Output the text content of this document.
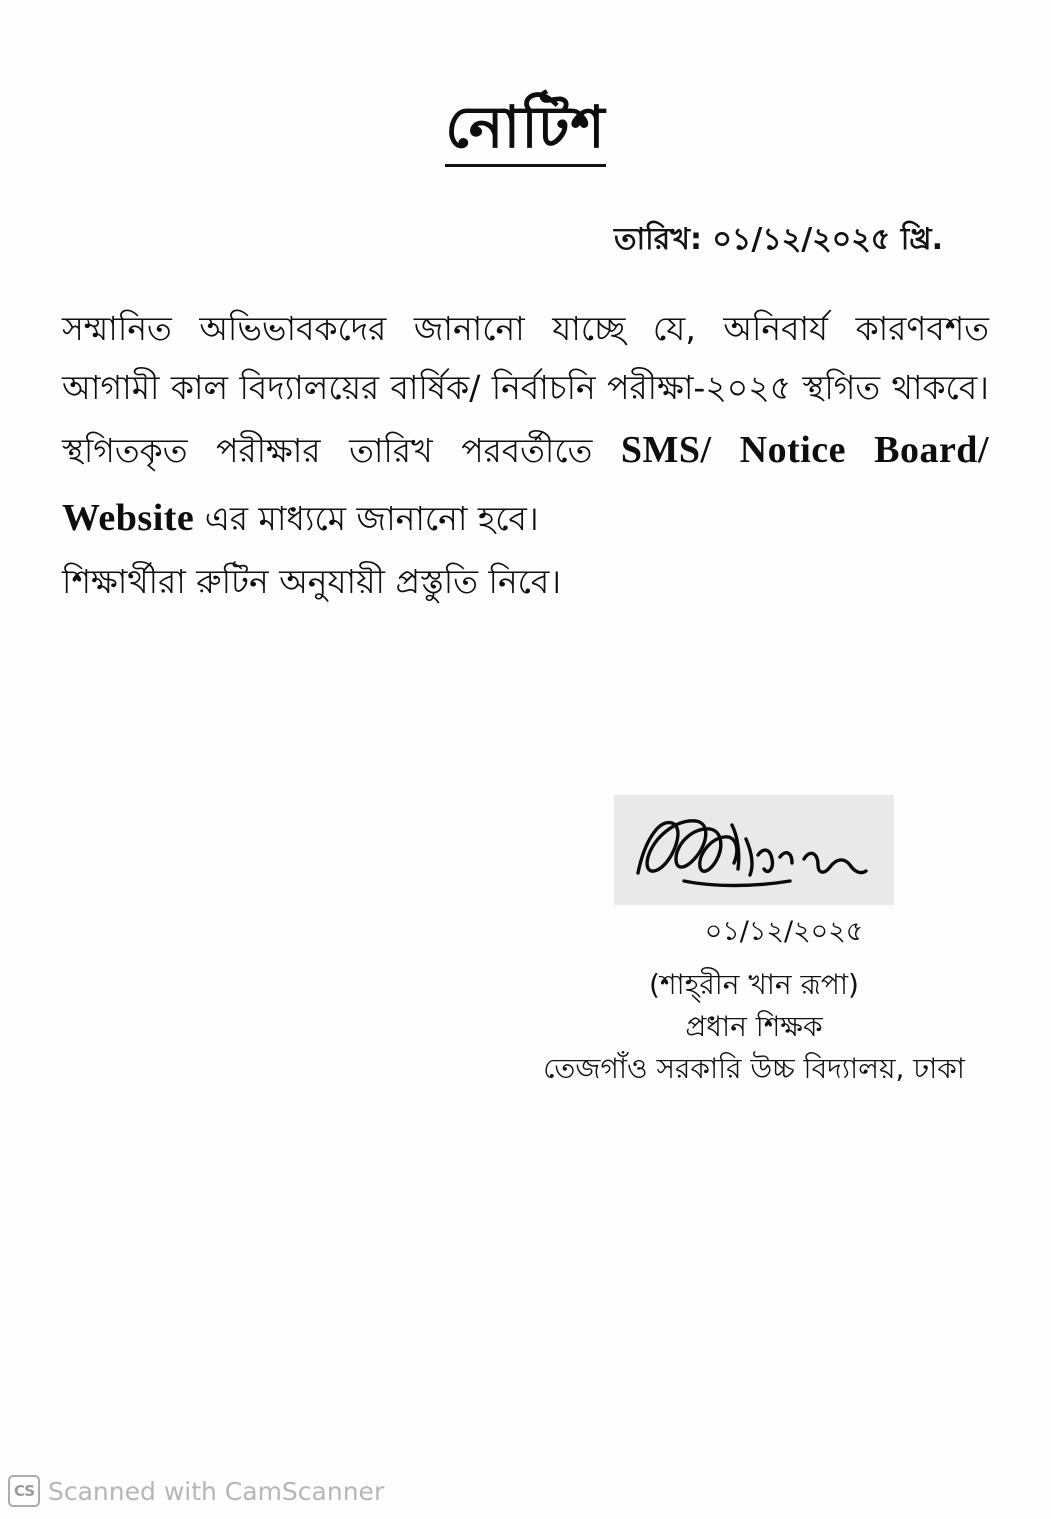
নোটিশ
তারিখ: ০১/১২/২০২৫ খ্রি.

সম্মানিত অভিভাবকদের জানানো যাচ্ছে যে, অনিবার্য কারণবশত আগামী কাল বিদ্যালয়ের বার্ষিক/ নির্বাচনি পরীক্ষা-২০২৫ স্থগিত থাকবে। স্থগিতকৃত পরীক্ষার তারিখ পরবর্তীতে SMS/ Notice Board/ Website এর মাধ্যমে জানানো হবে।

শিক্ষার্থীরা রুটিন অনুযায়ী প্রস্তুতি নিবে।

০১/১২/২০২৫
(শাহ্‌রীন খান রূপা)
প্রধান শিক্ষক
তেজগাঁও সরকারি উচ্চ বিদ্যালয়, ঢাকা
CS Scanned with CamScanner
